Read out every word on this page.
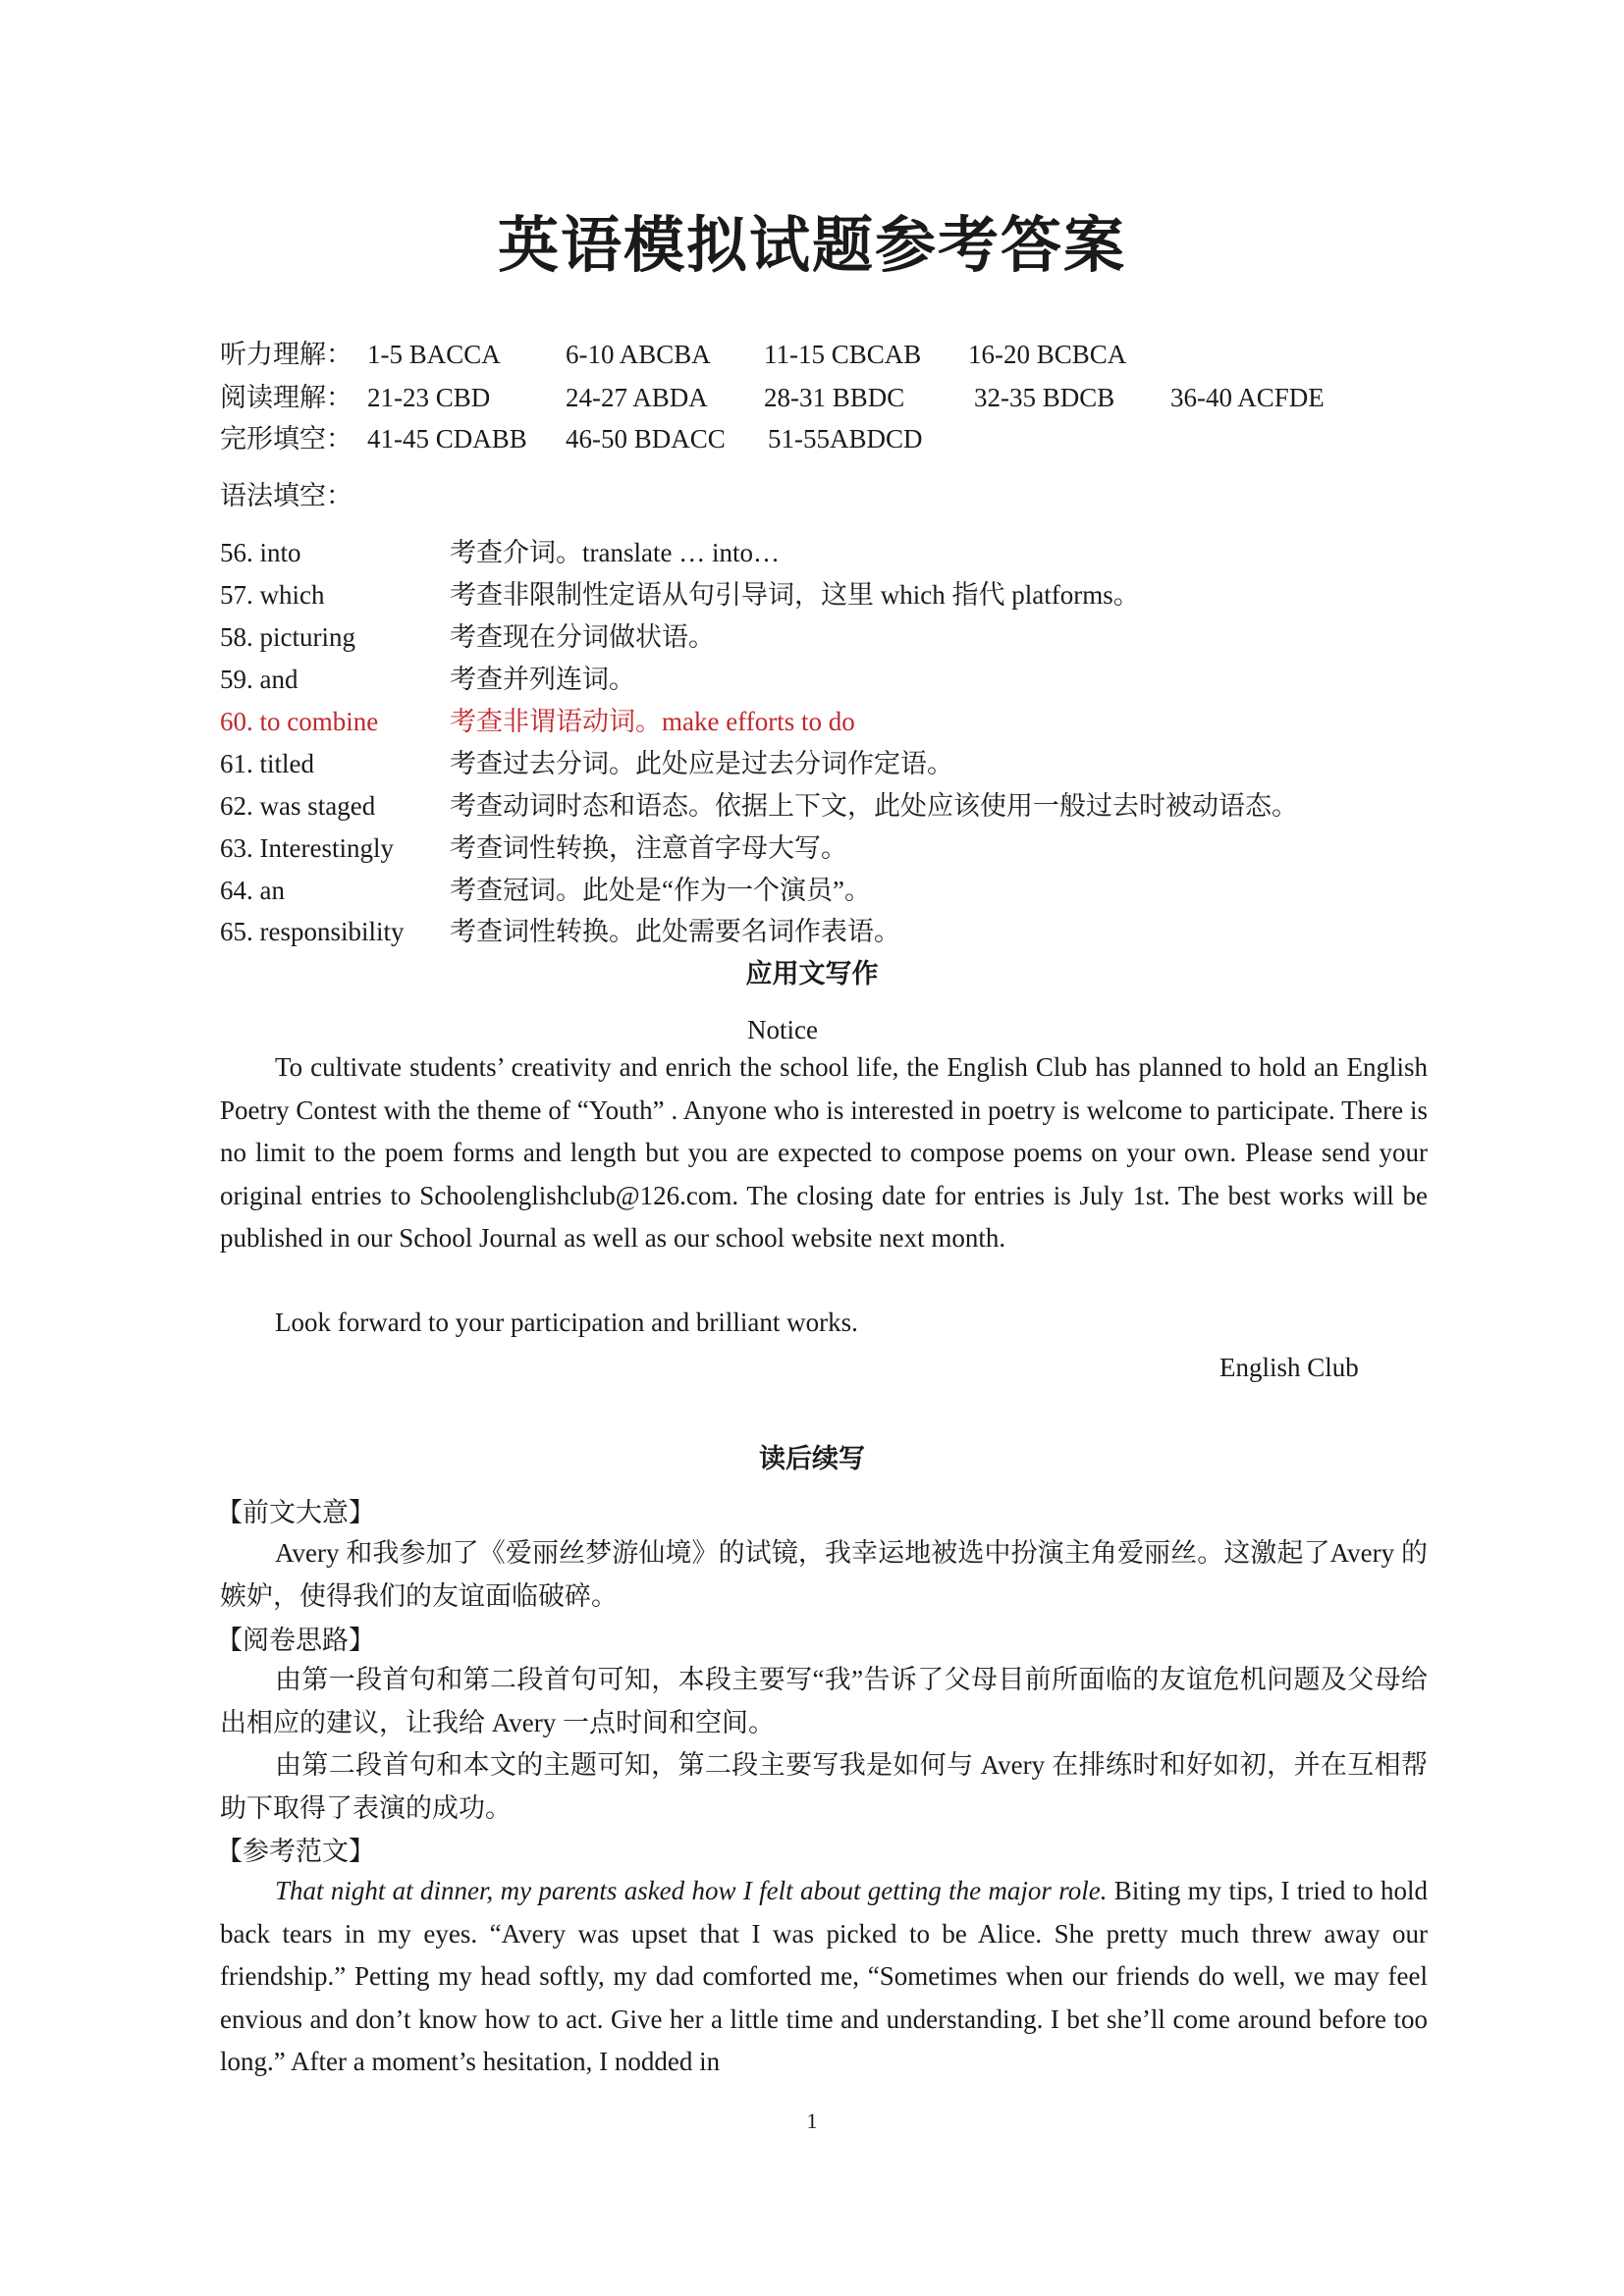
英语模拟试题参考答案
听力理解： 1-5 BACCA 6-10 ABCBA 11-15 CBCAB 16-20 BCBCA
阅读理解： 21-23 CBD	24-27 ABDA 28-31 BBDC	32-35 BDCB 36-40 ACFDE
完形填空： 41-45 CDABB 46-50 BDACC 51-55ABDCD
语法填空：
56. into	考查介词。translate … into…
57. which	考查非限制性定语从句引导词，这里 which 指代 platforms。
58. picturing	考查现在分词做状语。
59. and	考查并列连词。
60. to combine	考查非谓语动词。make efforts to do
61. titled	考查过去分词。此处应是过去分词作定语。
62. was staged	考查动词时态和语态。依据上下文，此处应该使用一般过去时被动语态。
63. Interestingly 考查词性转换，注意首字母大写。
64. an	考查冠词。此处是“作为一个演员”。
65. responsibility 考查词性转换。此处需要名词作表语。
应用文写作
Notice
To cultivate students’ creativity and enrich the school life, the English Club has planned to hold an English Poetry Contest with the theme of “Youth” . Anyone who is interested in poetry is welcome to participate. There is no limit to the poem forms and length but you are expected to compose poems on your own. Please send your original entries to Schoolenglishclub@126.com. The closing date for entries is July 1st. The best works will be published in our School Journal as well as our school website next month.
Look forward to your participation and brilliant works.
English Club
读后续写
【前文大意】
Avery 和我参加了《爱丽丝梦游仙境》的试镜，我幸运地被选中扮演主角爱丽丝。这激起了Avery 的嫉妒，使得我们的友谊面临破碎。
【阅卷思路】
由第一段首句和第二段首句可知，本段主要写“我”告诉了父母目前所面临的友谊危机问题及父母给出相应的建议，让我给 Avery 一点时间和空间。
由第二段首句和本文的主题可知，第二段主要写我是如何与 Avery 在排练时和好如初，并在互相帮助下取得了表演的成功。
【参考范文】
That night at dinner, my parents asked how I felt about getting the major role. Biting my tips, I tried to hold back tears in my eyes. “Avery was upset that I was picked to be Alice. She pretty much threw away our friendship.” Petting my head softly, my dad comforted me, “Sometimes when our friends do well, we may feel envious and don’t know how to act. Give her a little time and understanding. I bet she’ll come around before too long.” After a moment’s hesitation, I nodded in
1
